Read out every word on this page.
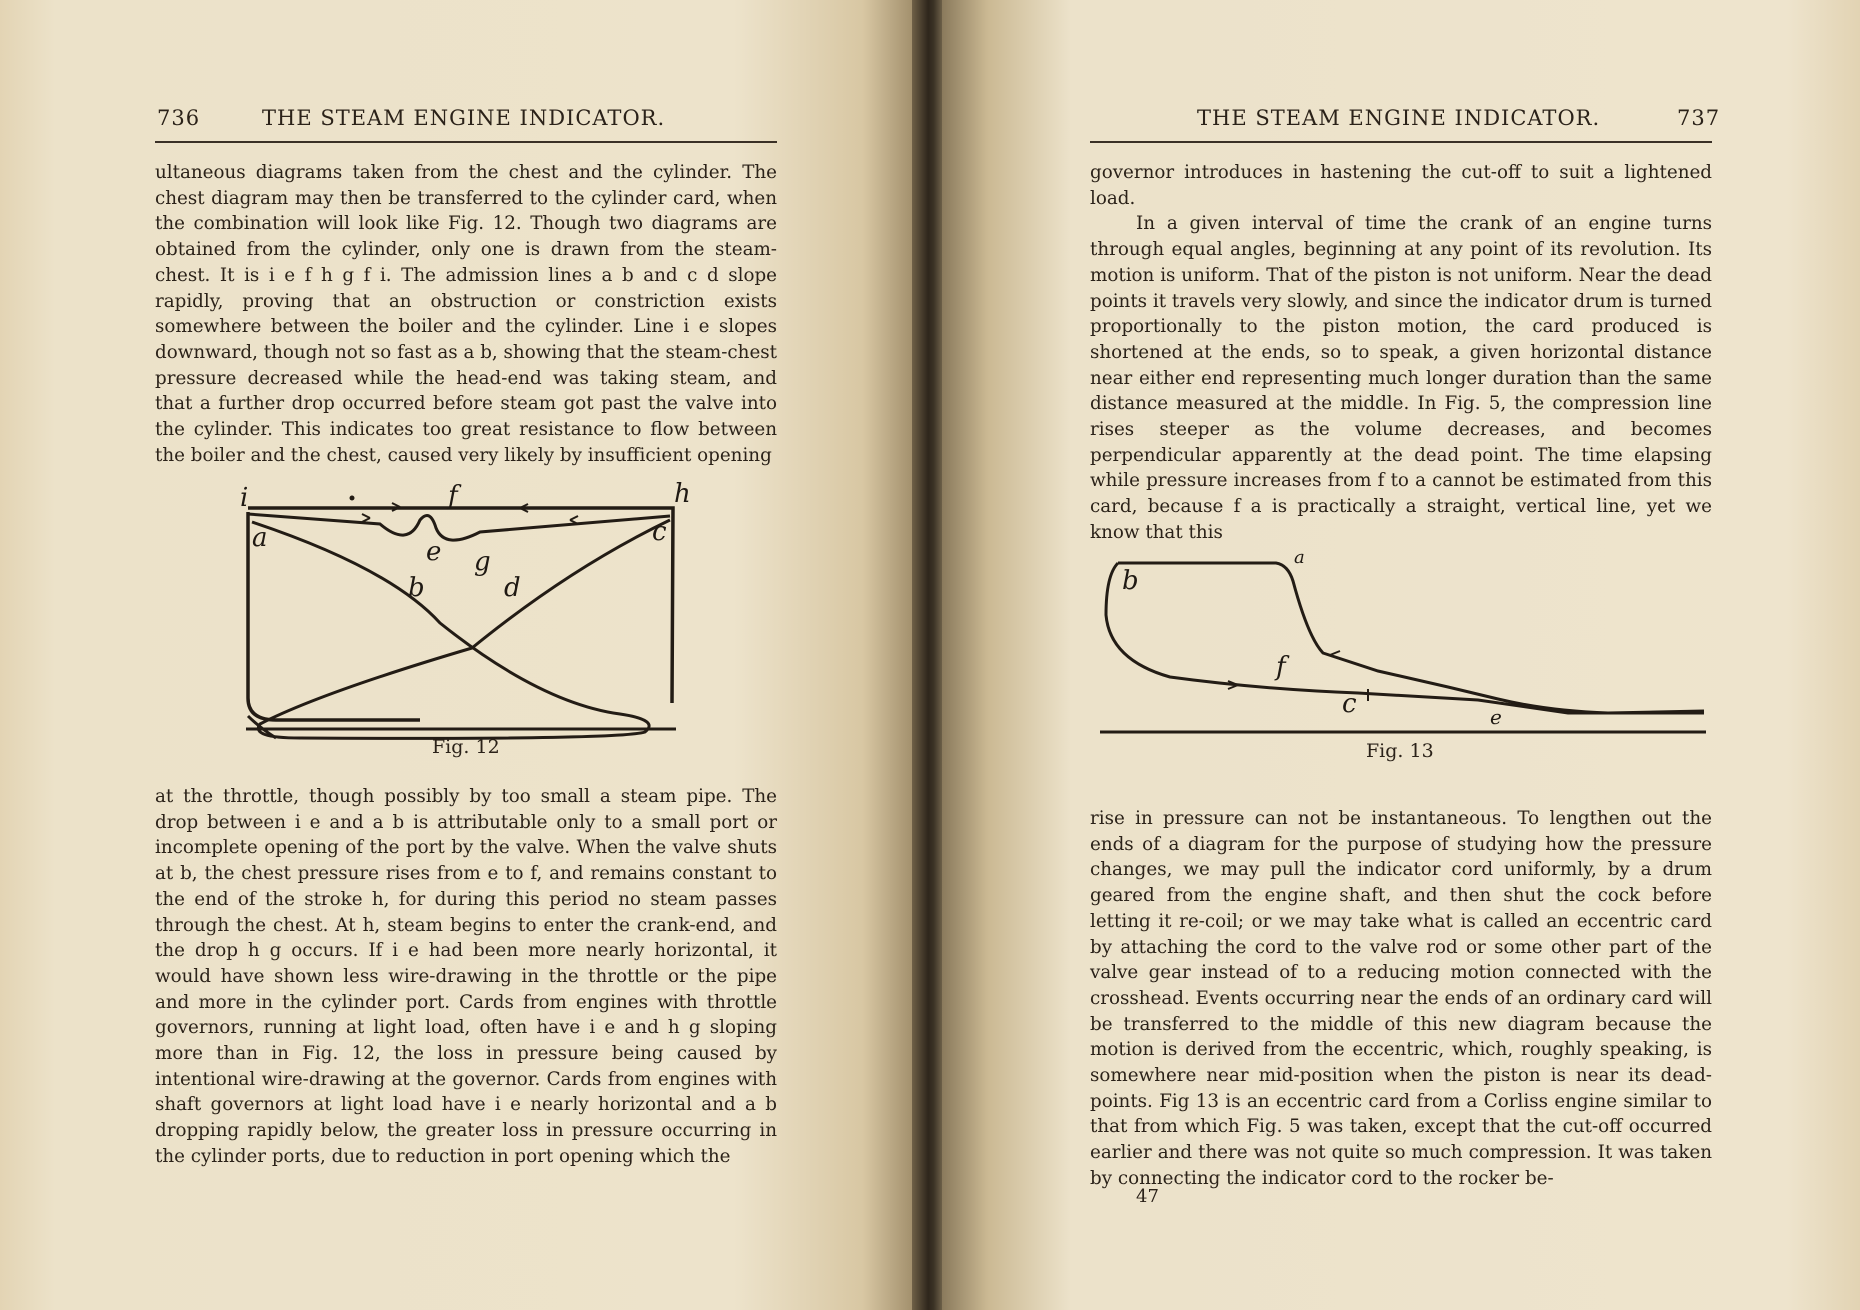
736	THE STEAM ENGINE INDICATOR.

ultaneous diagrams taken from the chest and the cylinder. The chest diagram may then be transferred to the cylinder card, when the combination will look like Fig. 12. Though two diagrams are obtained from the cylinder, only one is drawn from the steam-chest. It is i e f h g f i. The admission lines a b and c d slope rapidly, proving that an obstruction or constriction exists somewhere between the boiler and the cylinder. Line i e slopes downward, though not so fast as a b, showing that the steam-chest pressure decreased while the head-end was taking steam, and that a further drop occurred before steam got past the valve into the cylinder. This indicates too great resistance to flow between the boiler and the chest, caused very likely by insufficient opening

i	f	h
a	c
e g
b	d
Fig. 12

at the throttle, though possibly by too small a steam pipe. The drop between i e and a b is attributable only to a small port or incomplete opening of the port by the valve. When the valve shuts at b, the chest pressure rises from e to f, and remains constant to the end of the stroke h, for during this period no steam passes through the chest. At h, steam begins to enter the crank-end, and the drop h g occurs. If i e had been more nearly horizontal, it would have shown less wire-drawing in the throttle or the pipe and more in the cylinder port. Cards from engines with throttle governors, running at light load, often have i e and h g sloping more than in Fig. 12, the loss in pressure being caused by intentional wire-drawing at the governor. Cards from engines with shaft governors at light load have i e nearly horizontal and a b dropping rapidly below, the greater loss in pressure occurring in the cylinder ports, due to reduction in port opening which the

THE STEAM ENGINE INDICATOR.	737

governor introduces in hastening the cut-off to suit a lightened load.

In a given interval of time the crank of an engine turns through equal angles, beginning at any point of its revolution. Its motion is uniform. That of the piston is not uniform. Near the dead points it travels very slowly, and since the indicator drum is turned proportionally to the piston motion, the card produced is shortened at the ends, so to speak, a given horizontal distance near either end representing much longer duration than the same distance measured at the middle. In Fig. 5, the compression line rises steeper as the volume decreases, and becomes perpendicular apparently at the dead point. The time elapsing while pressure increases from f to a cannot be estimated from this card, because f a is practically a straight, vertical line, yet we know that this

b
a
f
c	e
Fig. 13

rise in pressure can not be instantaneous. To lengthen out the ends of a diagram for the purpose of studying how the pressure changes, we may pull the indicator cord uniformly, by a drum geared from the engine shaft, and then shut the cock before letting it re-coil; or we may take what is called an eccentric card by attaching the cord to the valve rod or some other part of the valve gear instead of to a reducing motion connected with the crosshead. Events occurring near the ends of an ordinary card will be transferred to the middle of this new diagram because the motion is derived from the eccentric, which, roughly speaking, is somewhere near mid-position when the piston is near its dead-points. Fig 13 is an eccentric card from a Corliss engine similar to that from which Fig. 5 was taken, except that the cut-off occurred earlier and there was not quite so much compression. It was taken by connecting the indicator cord to the rocker be-

47
